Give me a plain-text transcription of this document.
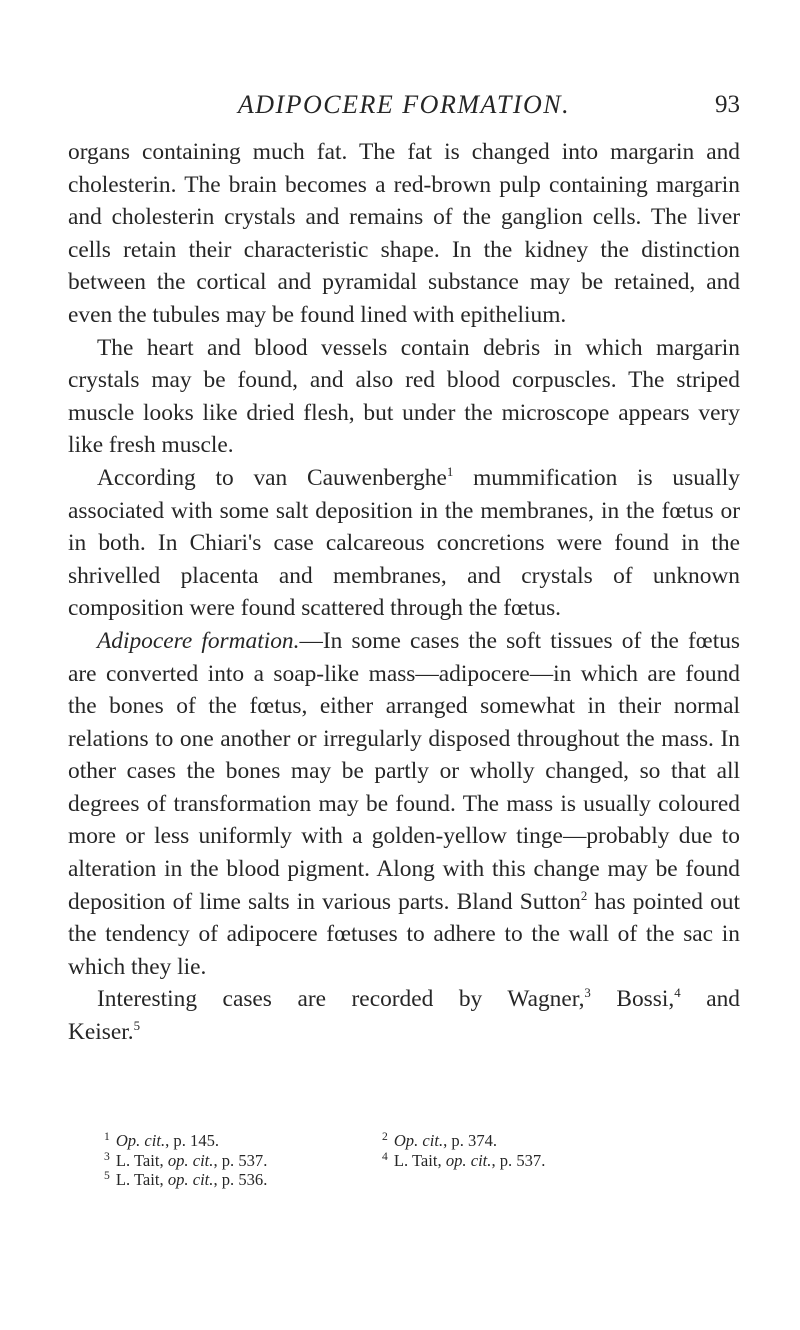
ADIPOCERE FORMATION.	93

organs containing much fat. The fat is changed into margarin and cholesterin. The brain becomes a red-brown pulp containing margarin and cholesterin crystals and remains of the ganglion cells. The liver cells retain their characteristic shape. In the kidney the distinction between the cortical and pyramidal substance may be retained, and even the tubules may be found lined with epithelium.

The heart and blood vessels contain debris in which margarin crystals may be found, and also red blood corpuscles. The striped muscle looks like dried flesh, but under the microscope appears very like fresh muscle.

According to van Cauwenberghe$^1$ mummification is usually associated with some salt deposition in the membranes, in the fœtus or in both. In Chiari's case calcareous concretions were found in the shrivelled placenta and membranes, and crystals of unknown composition were found scattered through the fœtus.

Adipocere formation.—In some cases the soft tissues of the fœtus are converted into a soap-like mass—adipocere—in which are found the bones of the fœtus, either arranged somewhat in their normal relations to one another or irregularly disposed throughout the mass. In other cases the bones may be partly or wholly changed, so that all degrees of transformation may be found. The mass is usually coloured more or less uniformly with a golden-yellow tinge—probably due to alteration in the blood pigment. Along with this change may be found deposition of lime salts in various parts. Bland Sutton$^2$ has pointed out the tendency of adipocere fœtuses to adhere to the wall of the sac in which they lie.

Interesting cases are recorded by Wagner,$^3$ Bossi,$^4$ and

Keiser.$^5$

$^1$ Op. cit., p. 145.	$^2$ Op. cit., p. 374.
$^3$ L. Tait, op. cit., p. 537.	$^4$ L. Tait, op. cit., p. 537.
$^5$ L. Tait, op. cit., p. 536.
